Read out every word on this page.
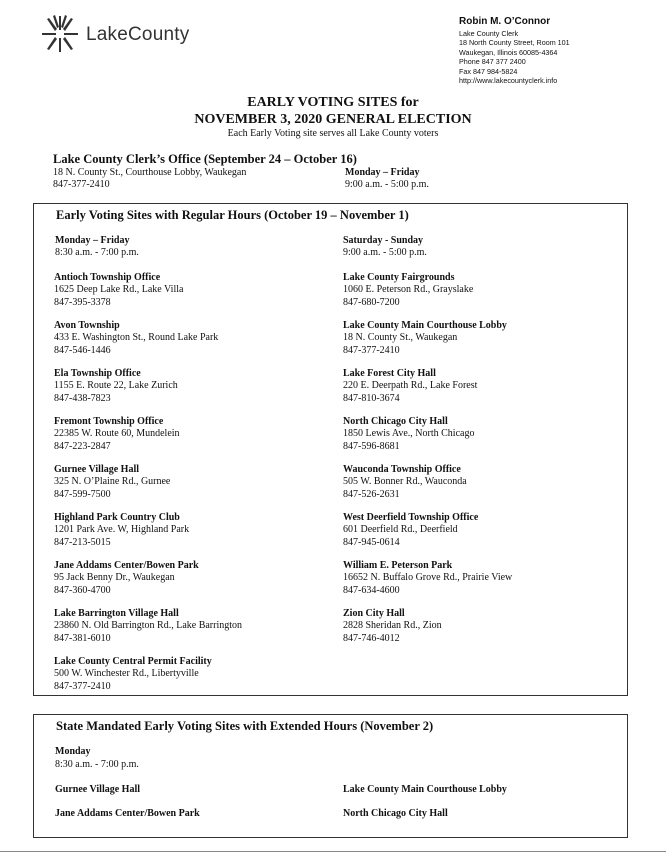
LakeCounty
Robin M. O’Connor
Lake County Clerk
18 North County Street, Room 101
Waukegan, Illinois 60085-4364
Phone 847 377 2400
Fax 847 984-5824
http://www.lakecountyclerk.info
EARLY VOTING SITES for
NOVEMBER 3, 2020 GENERAL ELECTION
Each Early Voting site serves all Lake County voters
Lake County Clerk’s Office (September 24 – October 16)
18 N. County St., Courthouse Lobby, Waukegan
847-377-2410
Monday – Friday
9:00 a.m. - 5:00 p.m.
Early Voting Sites with Regular Hours (October 19 – November 1)
Monday – Friday
8:30 a.m. - 7:00 p.m.
Saturday - Sunday
9:00 a.m. - 5:00 p.m.
Antioch Township Office
1625 Deep Lake Rd., Lake Villa
847-395-3378
Avon Township
433 E. Washington St., Round Lake Park
847-546-1446
Ela Township Office
1155 E. Route 22, Lake Zurich
847-438-7823
Fremont Township Office
22385 W. Route 60, Mundelein
847-223-2847
Gurnee Village Hall
325 N. O’Plaine Rd., Gurnee
847-599-7500
Highland Park Country Club
1201 Park Ave. W, Highland Park
847-213-5015
Jane Addams Center/Bowen Park
95 Jack Benny Dr., Waukegan
847-360-4700
Lake Barrington Village Hall
23860 N. Old Barrington Rd., Lake Barrington
847-381-6010
Lake County Central Permit Facility
500 W. Winchester Rd., Libertyville
847-377-2410
Lake County Fairgrounds
1060 E. Peterson Rd., Grayslake
847-680-7200
Lake County Main Courthouse Lobby
18 N. County St., Waukegan
847-377-2410
Lake Forest City Hall
220 E. Deerpath Rd., Lake Forest
847-810-3674
North Chicago City Hall
1850 Lewis Ave., North Chicago
847-596-8681
Wauconda Township Office
505 W. Bonner Rd., Wauconda
847-526-2631
West Deerfield Township Office
601 Deerfield Rd., Deerfield
847-945-0614
William E. Peterson Park
16652 N. Buffalo Grove Rd., Prairie View
847-634-4600
Zion City Hall
2828 Sheridan Rd., Zion
847-746-4012
State Mandated Early Voting Sites with Extended Hours (November 2)
Monday
8:30 a.m. - 7:00 p.m.
Gurnee Village Hall	Lake County Main Courthouse Lobby
Jane Addams Center/Bowen Park	North Chicago City Hall
